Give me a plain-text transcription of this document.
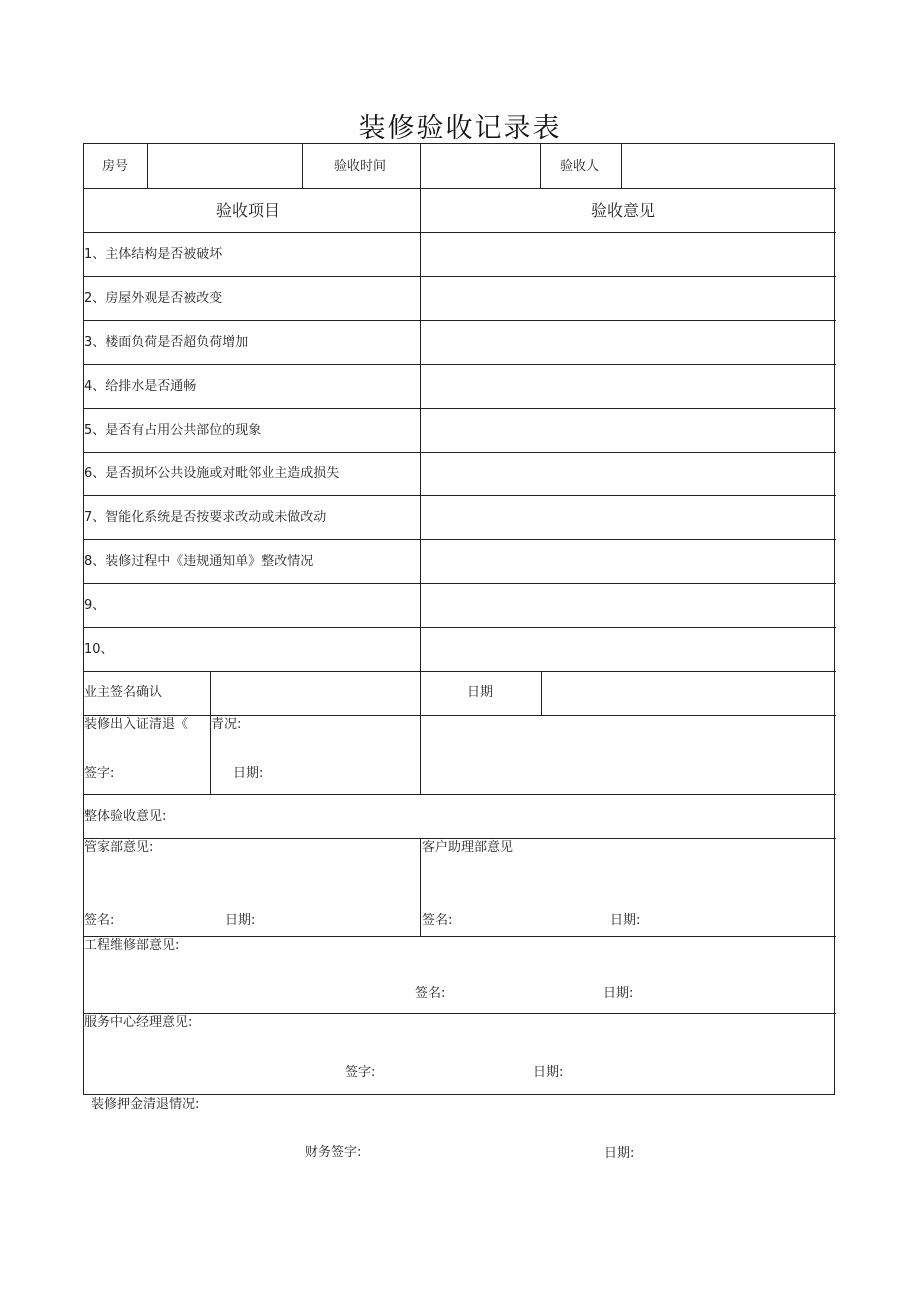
装修验收记录表
房号	验收时间	验收人
验收项目	验收意见
1、主体结构是否被破坏
2、房屋外观是否被改变
3、楼面负荷是否超负荷增加
4、给排水是否通畅
5、是否有占用公共部位的现象
6、是否损坏公共设施或对毗邻业主造成损失
7、智能化系统是否按要求改动或未做改动
8、装修过程中《违规通知单》整改情况
9、
10、
业主签名确认	日期
装修出入证清退《 青况:
签字:	日期:
整体验收意见:
管家部意见:
签名:	日期:
客户助理部意见
签名:	日期:
工程维修部意见:
签名:	日期:
服务中心经理意见:
签字:	日期:
装修押金清退情况:
财务签字:	日期:
